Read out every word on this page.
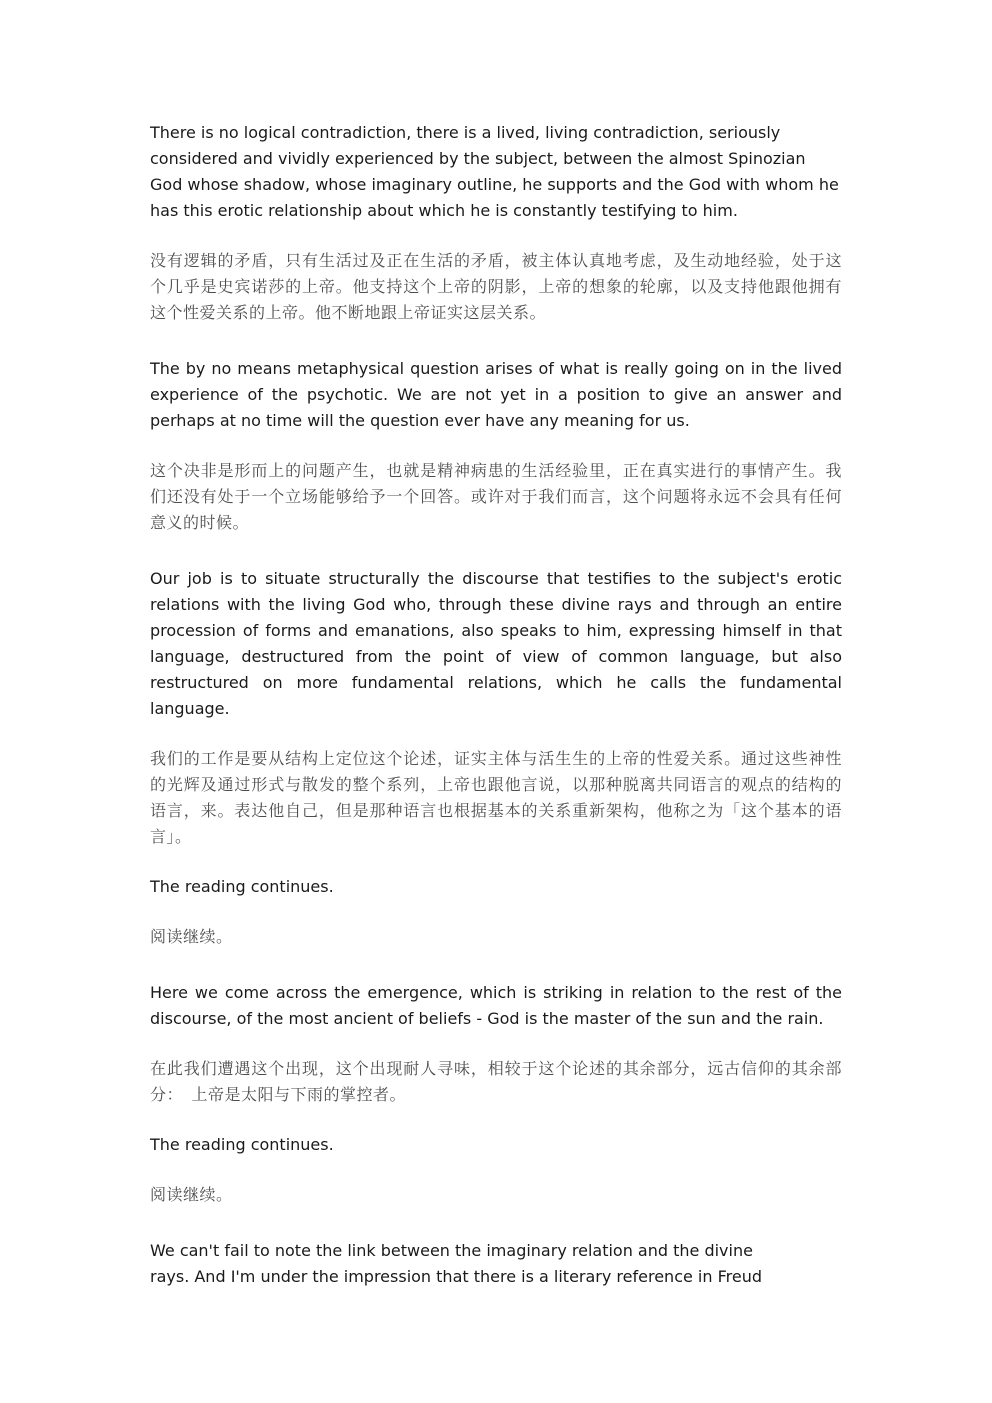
There is no logical contradiction, there is a lived, living contradiction, seriously considered and vividly experienced by the subject, between the almost Spinozian
God whose shadow, whose imaginary outline, he supports and the God with whom he has this erotic relationship about which he is constantly testifying to him.

没有逻辑的矛盾，只有生活过及正在生活的矛盾，被主体认真地考虑，及生动地经验，处于这个几乎是史宾诺莎的上帝。他支持这个上帝的阴影，上帝的想象的轮廓，以及支持他跟他拥有这个性爱关系的上帝。他不断地跟上帝证实这层关系。

The by no means metaphysical question arises of what is really going on in the lived experience of the psychotic. We are not yet in a position to give an answer and perhaps at no time will the question ever have any meaning for us.

这个决非是形而上的问题产生，也就是精神病患的生活经验里，正在真实进行的事情产生。我们还没有处于一个立场能够给予一个回答。或许对于我们而言，这个问题将永远不会具有任何意义的时候。

Our job is to situate structurally the discourse that testifies to the subject's erotic relations with the living God who, through these divine rays and through an entire procession of forms and emanations, also speaks to him, expressing himself in that language, destructured from the point of view of common language, but also restructured on more fundamental relations, which he calls the fundamental language.

我们的工作是要从结构上定位这个论述，证实主体与活生生的上帝的性爱关系。通过这些神性的光辉及通过形式与散发的整个系列，上帝也跟他言说，以那种脱离共同语言的观点的结构的语言，来。表达他自己，但是那种语言也根据基本的关系重新架构，他称之为「这个基本的语言」。

The reading continues.

阅读继续。

Here we come across the emergence, which is striking in relation to the rest of the discourse, of the most ancient of beliefs - God is the master of the sun and the rain.

在此我们遭遇这个出现，这个出现耐人寻味，相较于这个论述的其余部分，远古信仰的其余部分：　上帝是太阳与下雨的掌控者。

The reading continues.

阅读继续。

We can't fail to note the link between the imaginary relation and the divine
rays. And I'm under the impression that there is a literary reference in Freud
